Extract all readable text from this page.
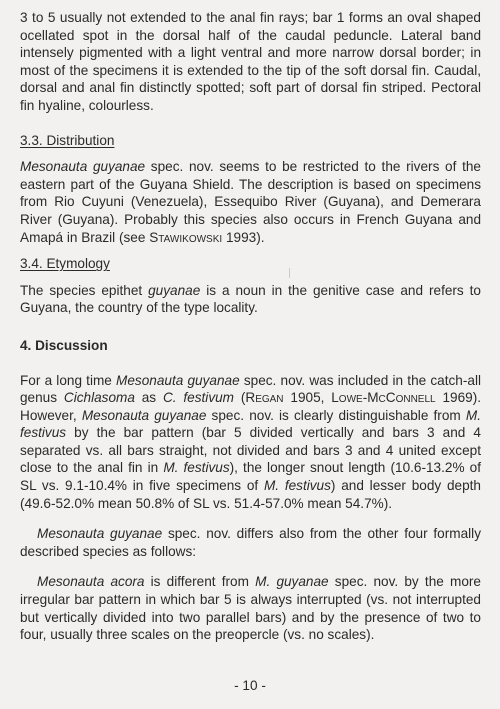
3 to 5 usually not extended to the anal fin rays; bar 1 forms an oval shaped ocellated spot in the dorsal half of the caudal peduncle. Lateral band intensely pigmented with a light ventral and more narrow dorsal border; in most of the specimens it is extended to the tip of the soft dorsal fin. Caudal, dorsal and anal fin distinctly spotted; soft part of dorsal fin striped. Pectoral fin hyaline, colourless.

3.3. Distribution

Mesonauta guyanae spec. nov. seems to be restricted to the rivers of the eastern part of the Guyana Shield. The description is based on specimens from Rio Cuyuni (Venezuela), Essequibo River (Guyana), and Demerara River (Guyana). Probably this species also occurs in French Guyana and Amapá in Brazil (see Stawikowski 1993).

3.4. Etymology

The species epithet guyanae is a noun in the genitive case and refers to Guyana, the country of the type locality.

4. Discussion

For a long time Mesonauta guyanae spec. nov. was included in the catch-all genus Cichlasoma as C. festivum (Regan 1905, Lowe-McConnell 1969). However, Mesonauta guyanae spec. nov. is clearly distinguishable from M. festivus by the bar pattern (bar 5 divided vertically and bars 3 and 4 separated vs. all bars straight, not divided and bars 3 and 4 united except close to the anal fin in M. festivus), the longer snout length (10.6-13.2% of SL vs. 9.1-10.4% in five specimens of M. festivus) and lesser body depth (49.6-52.0% mean 50.8% of SL vs. 51.4-57.0% mean 54.7%).

Mesonauta guyanae spec. nov. differs also from the other four formally described species as follows:

Mesonauta acora is different from M. guyanae spec. nov. by the more irregular bar pattern in which bar 5 is always interrupted (vs. not interrupted but vertically divided into two parallel bars) and by the presence of two to four, usually three scales on the preopercle (vs. no scales).

- 10 -
